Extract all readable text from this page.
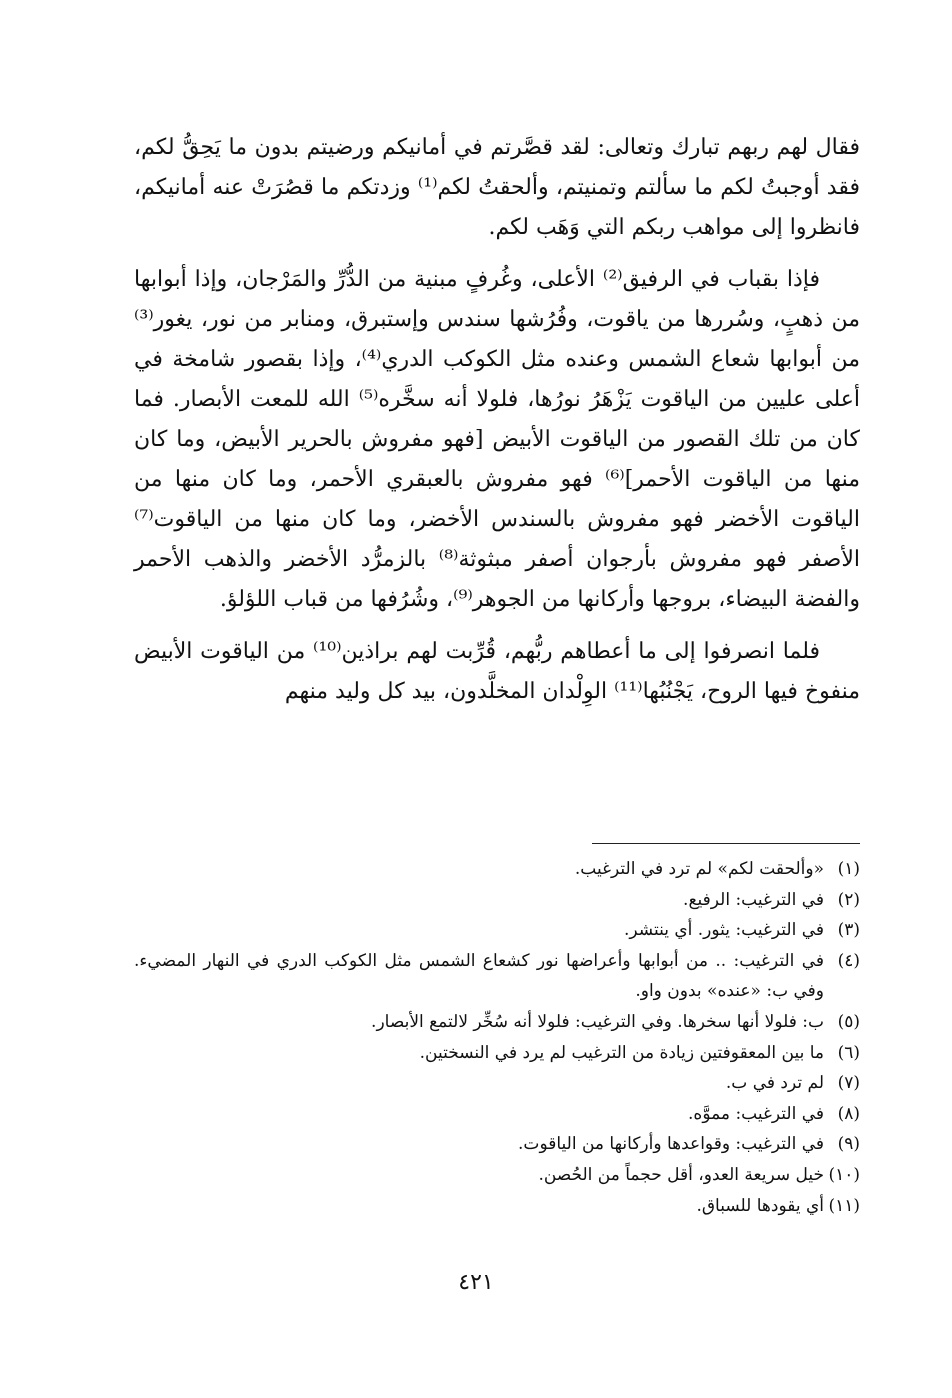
فقال لهم ربهم تبارك وتعالى: لقد قصَّرتم في أمانيكم ورضيتم بدون ما يَحِقُّ لكم، فقد أوجبتُ لكم ما سألتم وتمنيتم، وألحقتُ لكم⁽¹⁾ وزدتكم ما قصُرَتْ عنه أمانيكم، فانظروا إلى مواهب ربكم التي وَهَب لكم.

فإذا بقباب في الرفيق⁽²⁾ الأعلى، وغُرفٍ مبنية من الدُّرِّ والمَرْجان، وإذا أبوابها من ذهبٍ، وسُررها من ياقوت، وفُرُشها سندس وإستبرق، ومنابر من نور، يغور⁽³⁾ من أبوابها شعاع الشمس وعنده مثل الكوكب الدري⁽⁴⁾، وإذا بقصور شامخة في أعلى عليين من الياقوت يَزْهَرُ نورُها، فلولا أنه سخَّره⁽⁵⁾ الله للمعت الأبصار. فما كان من تلك القصور من الياقوت الأبيض [فهو مفروش بالحرير الأبيض، وما كان منها من الياقوت الأحمر]⁽⁶⁾ فهو مفروش بالعبقري الأحمر، وما كان منها من الياقوت الأخضر فهو مفروش بالسندس الأخضر، وما كان منها من الياقوت⁽⁷⁾ الأصفر فهو مفروش بأرجوان أصفر مبثوثة⁽⁸⁾ بالزمرُّد الأخضر والذهب الأحمر والفضة البيضاء، بروجها وأركانها من الجوهر⁽⁹⁾، وشُرُفها من قباب اللؤلؤ.

فلما انصرفوا إلى ما أعطاهم ربُّهم، قُرِّبت لهم براذين⁽¹⁰⁾ من الياقوت الأبيض منفوخ فيها الروح، يَجْنُبُها⁽¹¹⁾ الوِلْدان المخلَّدون، بيد كل وليد منهم

(١)
«وألحقت لكم» لم ترد في الترغيب.
(٢)
في الترغيب: الرفيع.
(٣)
في الترغيب: يثور. أي ينتشر.
(٤)
في الترغيب: .. من أبوابها وأعراضها نور كشعاع الشمس مثل الكوكب الدري في النهار المضيء. وفي ب: «عنده» بدون واو.
(٥)
ب: فلولا أنها سخرها. وفي الترغيب: فلولا أنه سُخِّر لالتمع الأبصار.
(٦)
ما بين المعقوفتين زيادة من الترغيب لم يرد في النسختين.
(٧)
لم ترد في ب.
(٨)
في الترغيب: مموَّه.
(٩)
في الترغيب: وقواعدها وأركانها من الياقوت.
(١٠)
خيل سريعة العدو، أقل حجماً من الحُصن.
(١١)
أي يقودها للسباق.
٤٢١
